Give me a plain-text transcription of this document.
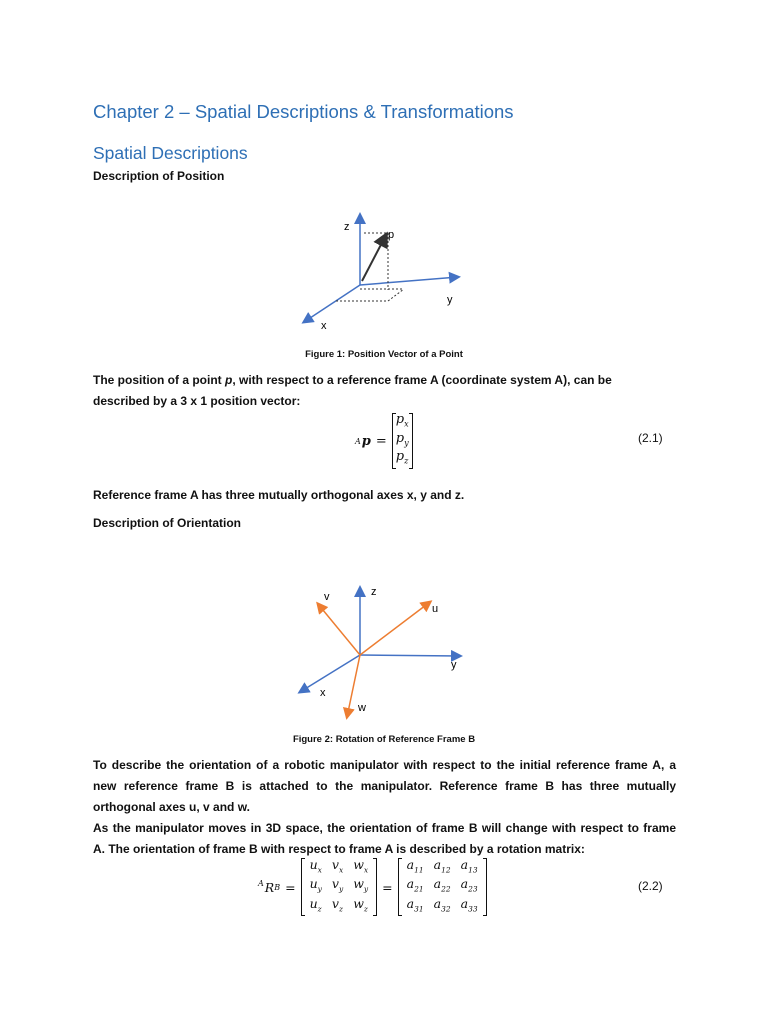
Chapter 2 – Spatial Descriptions & Transformations
Spatial Descriptions
Description of Position
z
p
y
x
Figure 1: Position Vector of a Point
The position of a point p, with respect to a reference frame A (coordinate system A), can be
described by a 3 x 1 position vector:
A p =
$p_x$
$p_y$
$p_z$
(2.1)
Reference frame A has three mutually orthogonal axes x, y and z.
Description of Orientation
z
v
u
y
x
w
Figure 2: Rotation of Reference Frame B
To describe the orientation of a robotic manipulator with respect to the initial reference frame A, a
new reference frame B is attached to the manipulator. Reference frame B has three mutually
orthogonal axes u, v and w.
As the manipulator moves in 3D space, the orientation of frame B will change with respect to frame
A. The orientation of frame B with respect to frame A is described by a rotation matrix:
A R B =
$u_x$	$v_x$	$w_x$
$u_y$	$v_y$	$w_y$
$u_z$	$v_z$	$w_z$
=
$a_{11}$	$a_{12}$	$a_{13}$
$a_{21}$	$a_{22}$	$a_{23}$
$a_{31}$	$a_{32}$	$a_{33}$
(2.2)
